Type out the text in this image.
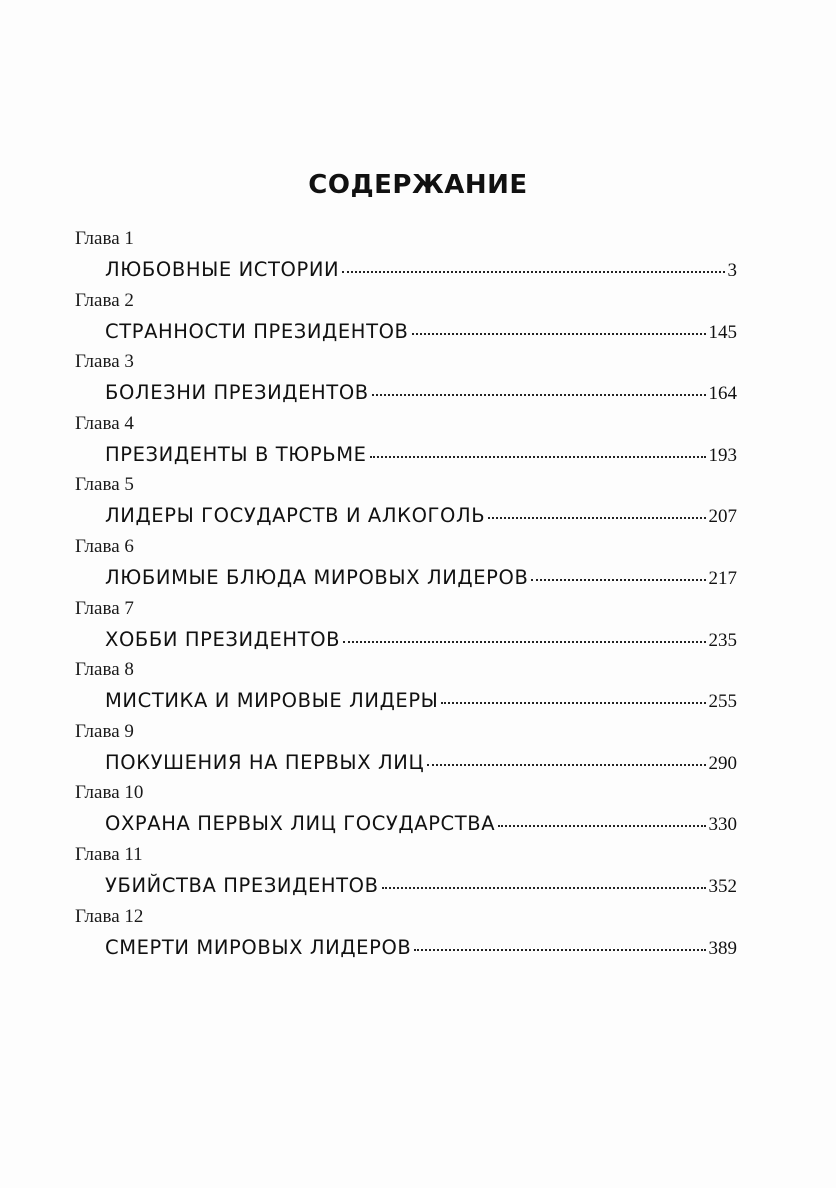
СОДЕРЖАНИЕ
Глава 1
ЛЮБОВНЫЕ ИСТОРИИ	3
Глава 2
СТРАННОСТИ ПРЕЗИДЕНТОВ	145
Глава 3
БОЛЕЗНИ ПРЕЗИДЕНТОВ	164
Глава 4
ПРЕЗИДЕНТЫ В ТЮРЬМЕ	193
Глава 5
ЛИДЕРЫ ГОСУДАРСТВ И АЛКОГОЛЬ	207
Глава 6
ЛЮБИМЫЕ БЛЮДА МИРОВЫХ ЛИДЕРОВ	217
Глава 7
ХОББИ ПРЕЗИДЕНТОВ	235
Глава 8
МИСТИКА И МИРОВЫЕ ЛИДЕРЫ	255
Глава 9
ПОКУШЕНИЯ НА ПЕРВЫХ ЛИЦ	290
Глава 10
ОХРАНА ПЕРВЫХ ЛИЦ ГОСУДАРСТВА	330
Глава 11
УБИЙСТВА ПРЕЗИДЕНТОВ	352
Глава 12
СМЕРТИ МИРОВЫХ ЛИДЕРОВ	389
